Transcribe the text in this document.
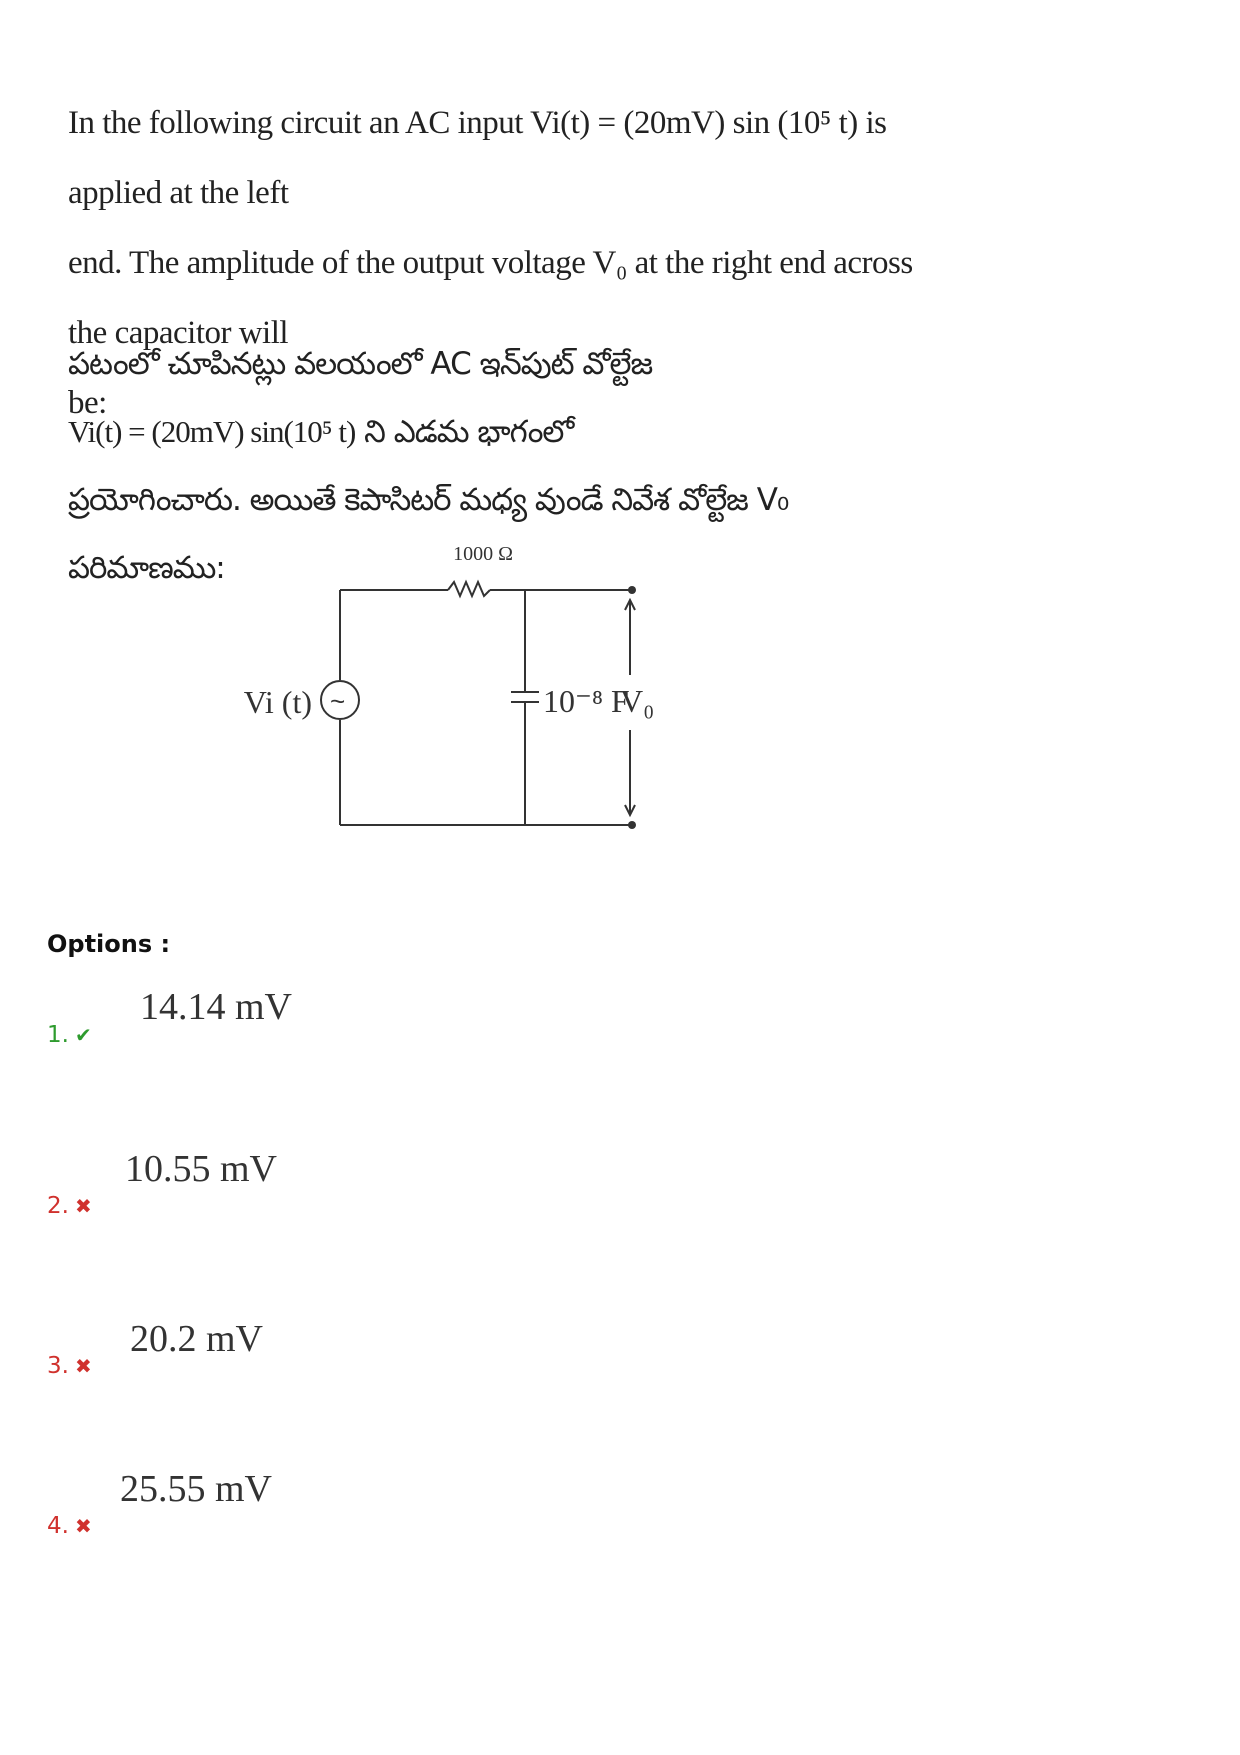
In the following circuit an AC input Vi(t) = (20mV) sin (10⁵ t) is applied at the left
end. The amplitude of the output voltage V₀ at the right end across the capacitor will
be:
పటంలో చూపినట్లు వలయంలో AC ఇన్‌పుట్ వోల్టేజ Vi(t) = (20mV) sin(10⁵ t) ని ఎడమ భాగంలో
ప్రయోగించారు. అయితే కెపాసిటర్ మధ్య వుండే నివేశ వోల్టేజ V₀ పరిమాణము:
~
1000 Ω
Vi (t)	10⁻⁸ F
V₀
Options :
1. ✔
14.14 mV
2. ✖
10.55 mV
3. ✖
20.2 mV
4. ✖
25.55 mV
